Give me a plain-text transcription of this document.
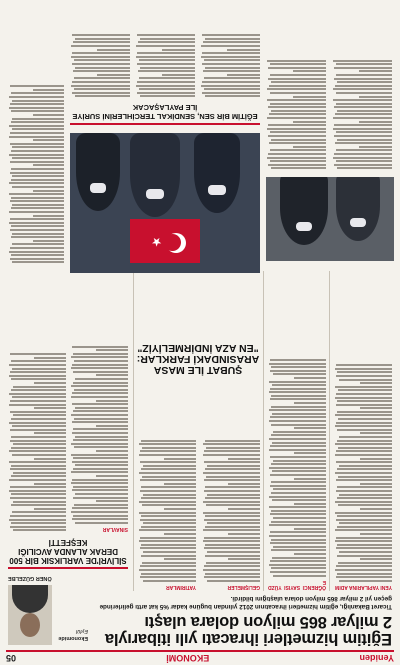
Yeniden
EKONOMİ
05
Eğitim hizmetleri ihracatı yılı itibarıyla 2 milyar 865 milyon dolara ulaştı
Ticaret Bakanlığı, eğitim hizmetleri ihracatının 2012 yılından bugüne kadar %5 kat arttı gelirlerinde geçen yıl 2 milyar 865 milyon dolara ulaştığını bildirdi.
Ekonomide
Eylül
ÖNER GÜZELBE
YENI YAPILARINA ADIM
ÖĞRENCI SAYISI YÜZDE
GELIŞMELER
YATIRIMLAR
SİLİVRİ'DE VARLIKSIK BİR 500 DERAK ALANDA AVCILIĞI KEŞFETTİ
SINAVLAR
ŞUBAT İLE MASA ARASINDAKİ FARKLAR: "EN AZA İNDİRMELİYİZ"
★
EĞİTİM BİR SEN, SENDİKAL TERCİHLERİNİ SURİYE İLE PAYLAŞACAK
